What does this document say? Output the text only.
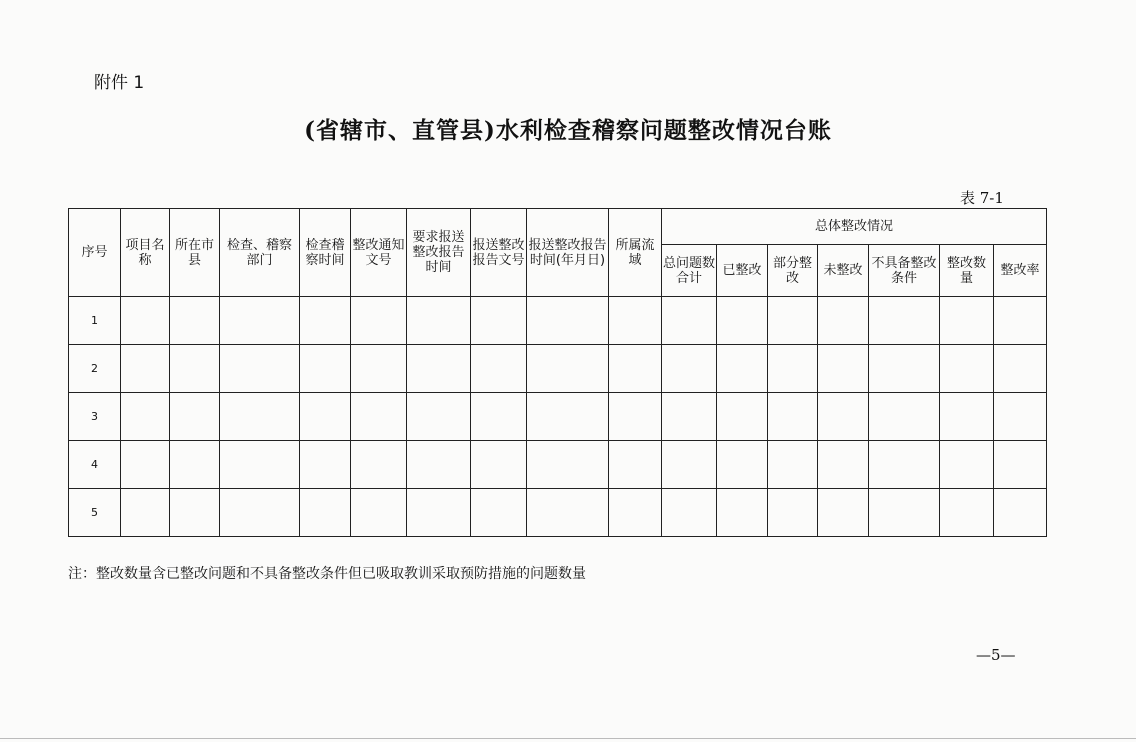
附件 1
(省辖市、直管县)水利检查稽察问题整改情况台账
表 7-1
序号	项目名称	所在市县	检查、稽察部门	检查稽察时间	整改通知文号	要求报送整改报告时间	报送整改报告文号	报送整改报告时间(年月日)	所属流域	总体整改情况						
										总问题数合计	已整改	部分整改	未整改	不具备整改条件	整改数量	整改率
1																
2																
3																
4																
5																
注：整改数量含已整改问题和不具备整改条件但已吸取教训采取预防措施的问题数量
—5—
